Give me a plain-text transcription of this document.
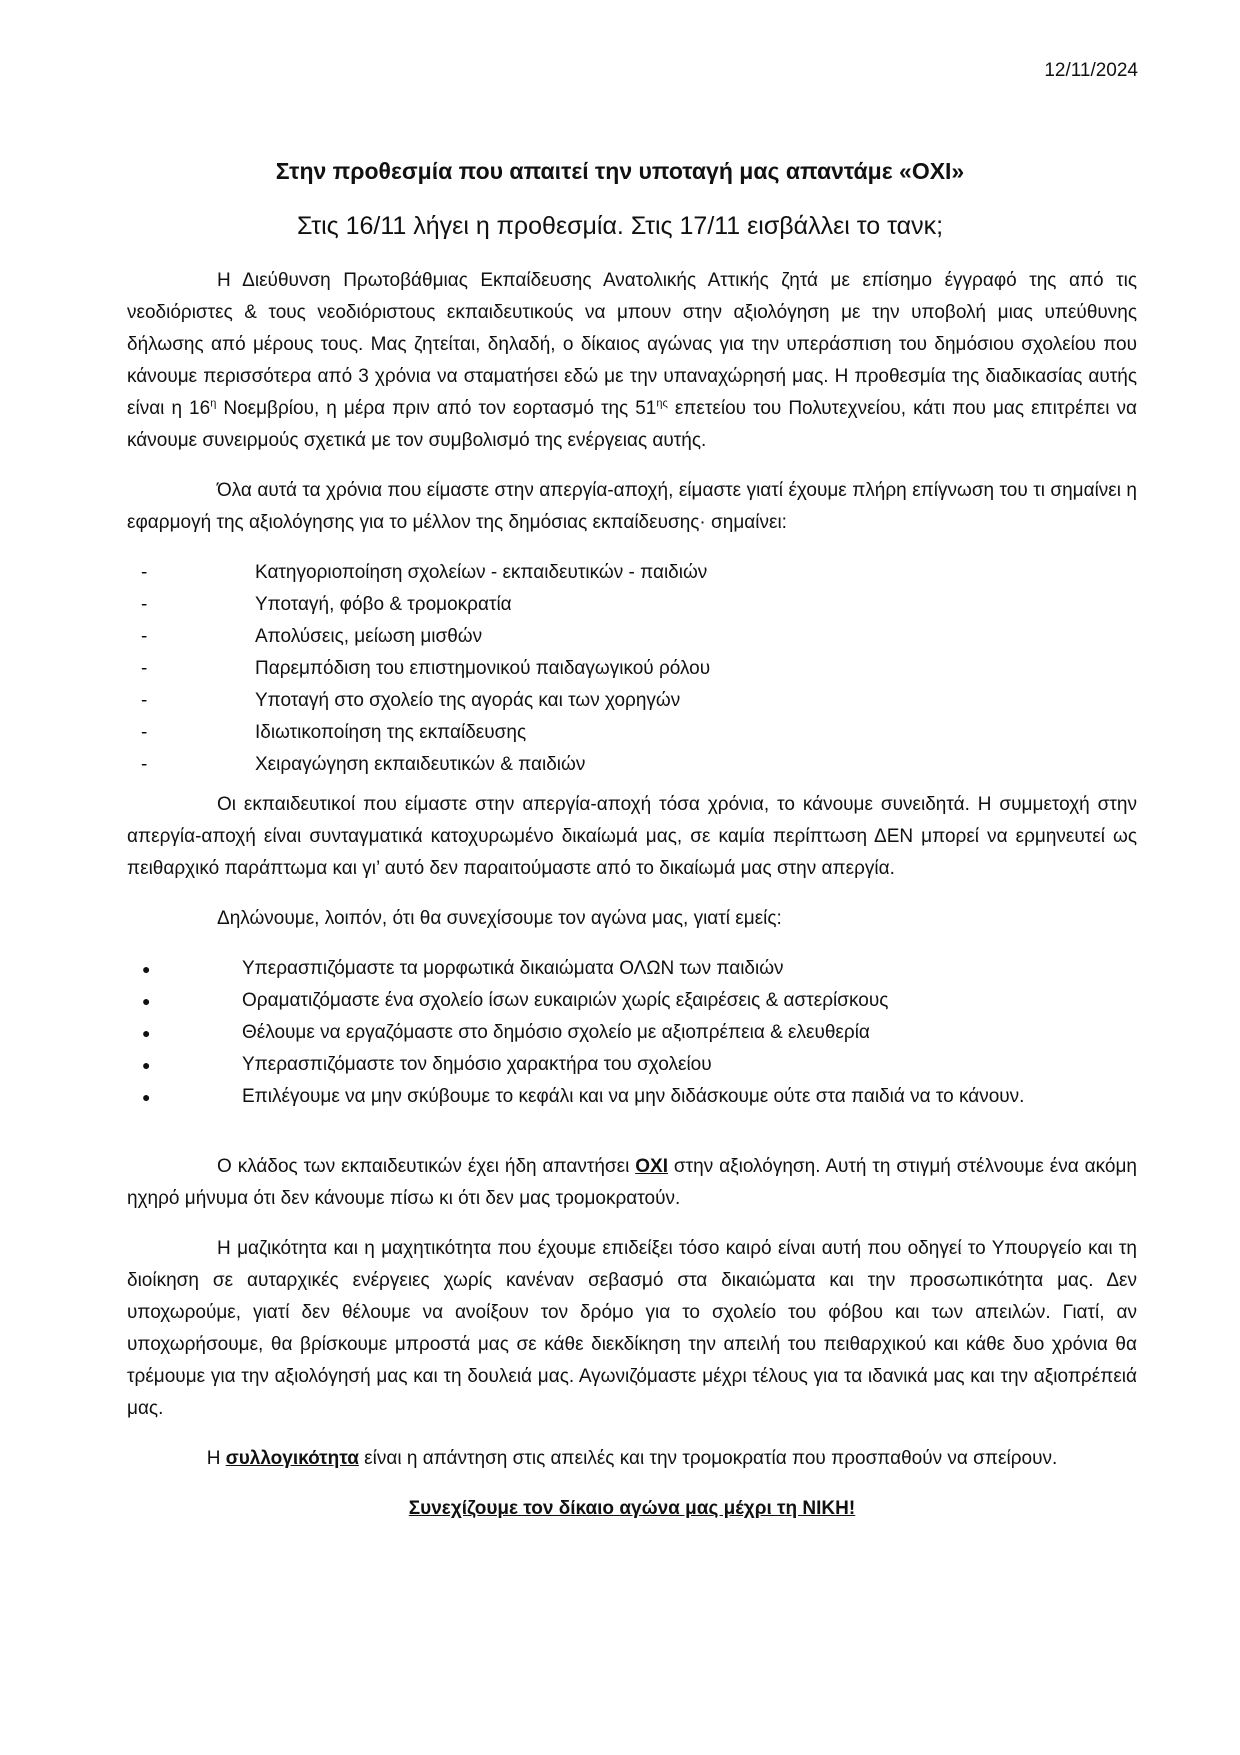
12/11/2024
Στην προθεσμία που απαιτεί την υποταγή μας απαντάμε «ΟΧΙ»
Στις 16/11 λήγει η προθεσμία. Στις 17/11 εισβάλλει το τανκ;

Η Διεύθυνση Πρωτοβάθμιας Εκπαίδευσης Ανατολικής Αττικής ζητά με επίσημο έγγραφό της από τις νεοδιόριστες & τους νεοδιόριστους εκπαιδευτικούς να μπουν στην αξιολόγηση με την υποβολή μιας υπεύθυνης δήλωσης από μέρους τους. Μας ζητείται, δηλαδή, ο δίκαιος αγώνας για την υπεράσπιση του δημόσιου σχολείου που κάνουμε περισσότερα από 3 χρόνια να σταματήσει εδώ με την υπαναχώρησή μας. Η προθεσμία της διαδικασίας αυτής είναι η $16^\eta$ Νοεμβρίου, η μέρα πριν από τον εορτασμό της $51^{\eta\varsigma}$ επετείου του Πολυτεχνείου, κάτι που μας επιτρέπει να κάνουμε συνειρμούς σχετικά με τον συμβολισμό της ενέργειας αυτής.

Όλα αυτά τα χρόνια που είμαστε στην απεργία-αποχή, είμαστε γιατί έχουμε πλήρη επίγνωση του τι σημαίνει η εφαρμογή της αξιολόγησης για το μέλλον της δημόσιας εκπαίδευσης· σημαίνει:

- Κατηγοριοποίηση σχολείων - εκπαιδευτικών - παιδιών
- Υποταγή, φόβο & τρομοκρατία
- Απολύσεις, μείωση μισθών
- Παρεμπόδιση του επιστημονικού παιδαγωγικού ρόλου
- Υποταγή στο σχολείο της αγοράς και των χορηγών
- Ιδιωτικοποίηση της εκπαίδευσης
- Χειραγώγηση εκπαιδευτικών & παιδιών

Οι εκπαιδευτικοί που είμαστε στην απεργία-αποχή τόσα χρόνια, το κάνουμε συνειδητά. Η συμμετοχή στην απεργία-αποχή είναι συνταγματικά κατοχυρωμένο δικαίωμά μας, σε καμία περίπτωση ΔΕΝ μπορεί να ερμηνευτεί ως πειθαρχικό παράπτωμα και γι’ αυτό δεν παραιτούμαστε από το δικαίωμά μας στην απεργία.

Δηλώνουμε, λοιπόν, ότι θα συνεχίσουμε τον αγώνα μας, γιατί εμείς:

● Υπερασπιζόμαστε τα μορφωτικά δικαιώματα ΟΛΩΝ των παιδιών
● Οραματιζόμαστε ένα σχολείο ίσων ευκαιριών χωρίς εξαιρέσεις & αστερίσκους
● Θέλουμε να εργαζόμαστε στο δημόσιο σχολείο με αξιοπρέπεια & ελευθερία
● Υπερασπιζόμαστε τον δημόσιο χαρακτήρα του σχολείου
● Επιλέγουμε να μην σκύβουμε το κεφάλι και να μην διδάσκουμε ούτε στα παιδιά να το κάνουν.

Ο κλάδος των εκπαιδευτικών έχει ήδη απαντήσει ΟΧΙ στην αξιολόγηση. Αυτή τη στιγμή στέλνουμε ένα ακόμη ηχηρό μήνυμα ότι δεν κάνουμε πίσω κι ότι δεν μας τρομοκρατούν.

Η μαζικότητα και η μαχητικότητα που έχουμε επιδείξει τόσο καιρό είναι αυτή που οδηγεί το Υπουργείο και τη διοίκηση σε αυταρχικές ενέργειες χωρίς κανέναν σεβασμό στα δικαιώματα και την προσωπικότητα μας. Δεν υποχωρούμε, γιατί δεν θέλουμε να ανοίξουν τον δρόμο για το σχολείο του φόβου και των απειλών. Γιατί, αν υποχωρήσουμε, θα βρίσκουμε μπροστά μας σε κάθε διεκδίκηση την απειλή του πειθαρχικού και κάθε δυο χρόνια θα τρέμουμε για την αξιολόγησή μας και τη δουλειά μας. Αγωνιζόμαστε μέχρι τέλους για τα ιδανικά μας και την αξιοπρέπειά μας.

Η συλλογικότητα είναι η απάντηση στις απειλές και την τρομοκρατία που προσπαθούν να σπείρουν.

Συνεχίζουμε τον δίκαιο αγώνα μας μέχρι τη ΝΙΚΗ!
